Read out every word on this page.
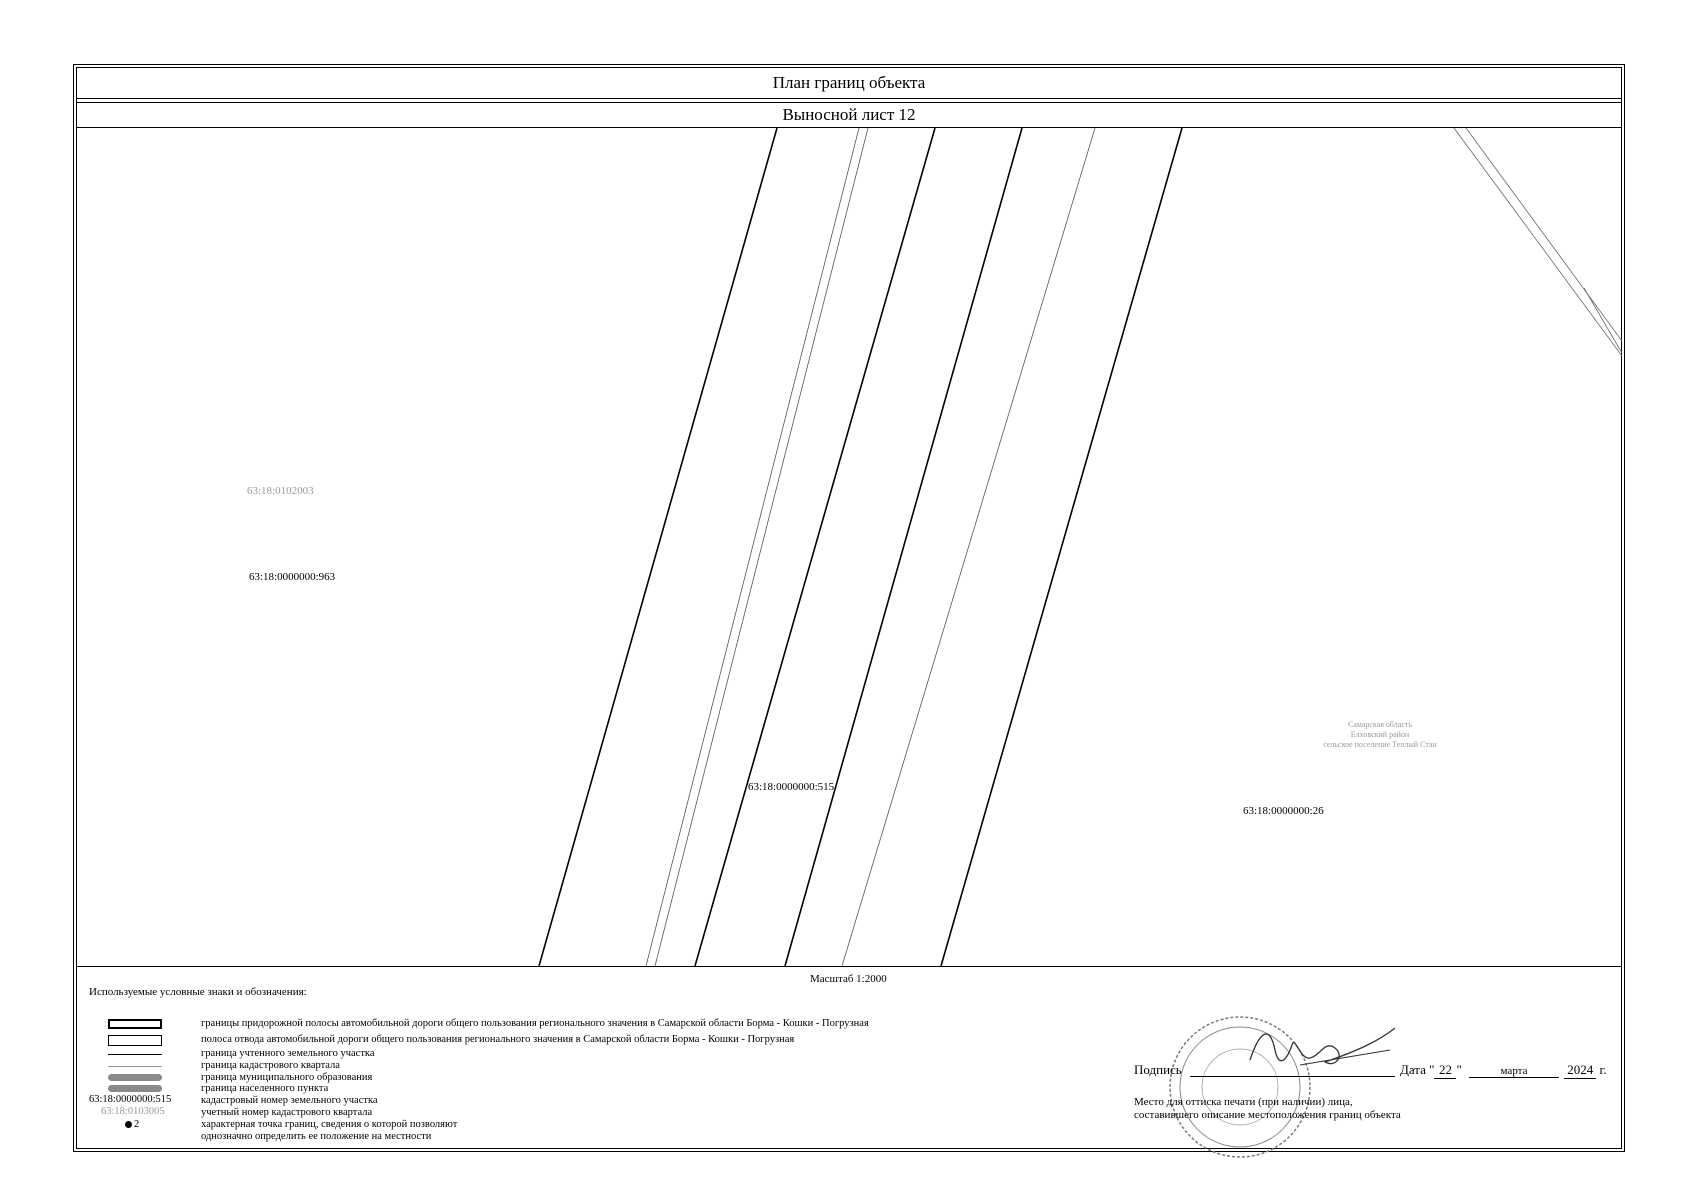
План границ объекта
Выносной лист 12
63:18:0102003
63:18:0000000:963
63:18:0000000:515
63:18:0000000:26
Самарская область
Елховский район
сельское поселение Теплый Стан
Масштаб 1:2000
Используемые условные знаки и обозначения:
63:18:0000000:515
63:18:0103005
2
границы придорожной полосы автомобильной дороги общего пользования регионального значения в Самарской области Борма - Кошки - Погрузная
полоса отвода автомобильной дороги общего пользования регионального значения в Самарской области Борма - Кошки - Погрузная
граница учтенного земельного участка
граница кадастрового квартала
граница муниципального образования
граница населенного пункта
кадастровый номер земельного участка
учетный номер кадастрового квартала
характерная точка границ, сведения о которой позволяют
однозначно определить ее положение на местности
Подпись	Дата " 22 "	марта	2024 г.
Место для оттиска печати (при наличии) лица,
составившего описание местоположения границ объекта
